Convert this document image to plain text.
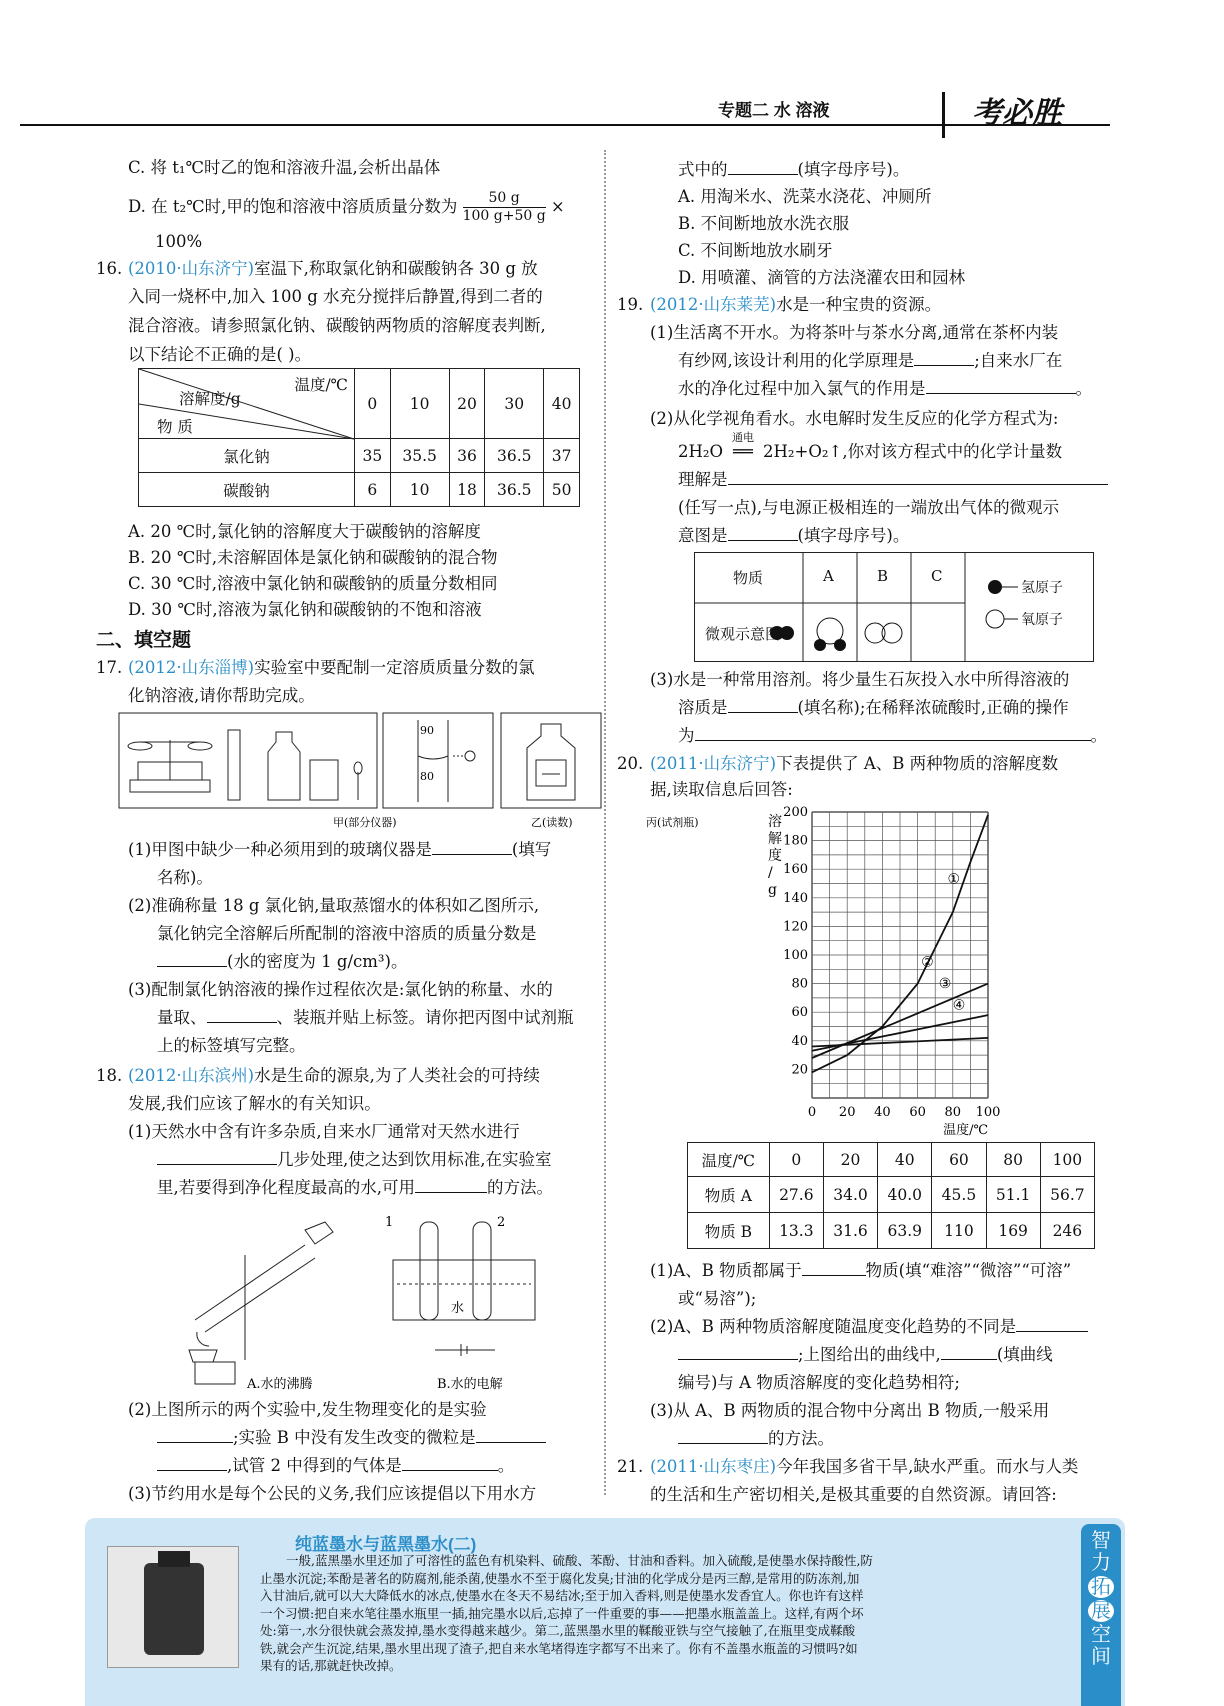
专题二 水 溶液	考必胜
C. 将 t₁℃时乙的饱和溶液升温,会析出晶体
D. 在 t₂℃时,甲的饱和溶液中溶质质量分数为 $\frac{50 g}{100 g+50 g}$ ×
100%
16. (2010·山东济宁)室温下,称取氯化钠和碳酸钠各 30 g 放
入同一烧杯中,加入 100 g 水充分搅拌后静置,得到二者的
混合溶液。请参照氯化钠、碳酸钠两物质的溶解度表判断,
以下结论不正确的是( )。
温度/℃
溶解度/g
物 质	0	10	20	30	40
氯化钠	35	35.5	36	36.5	37
碳酸钠	6	10	18	36.5	50
A. 20 ℃时,氯化钠的溶解度大于碳酸钠的溶解度
B. 20 ℃时,未溶解固体是氯化钠和碳酸钠的混合物
C. 30 ℃时,溶液中氯化钠和碳酸钠的质量分数相同
D. 30 ℃时,溶液为氯化钠和碳酸钠的不饱和溶液
二、填空题
17. (2012·山东淄博)实验室中要配制一定溶质质量分数的氯
化钠溶液,请你帮助完成。
90
80
甲(部分仪器)	乙(读数)	丙(试剂瓶)
(1)甲图中缺少一种必须用到的玻璃仪器是	(填写
名称)。
(2)准确称量 18 g 氯化钠,量取蒸馏水的体积如乙图所示,
氯化钠完全溶解后所配制的溶液中溶质的质量分数是
(水的密度为 1 g/cm³)。
(3)配制氯化钠溶液的操作过程依次是:氯化钠的称量、水的
量取、	、装瓶并贴上标签。请你把丙图中试剂瓶
上的标签填写完整。
18. (2012·山东滨州)水是生命的源泉,为了人类社会的可持续
发展,我们应该了解水的有关知识。
(1)天然水中含有许多杂质,自来水厂通常对天然水进行
几步处理,使之达到饮用标准,在实验室
里,若要得到净化程度最高的水,可用	的方法。
1	2
水
A.水的沸腾	B.水的电解
(2)上图所示的两个实验中,发生物理变化的是实验
;实验 B 中没有发生改变的微粒是
,试管 2 中得到的气体是	。
(3)节约用水是每个公民的义务,我们应该提倡以下用水方
式中的	(填字母序号)。
A. 用淘米水、洗菜水浇花、冲厕所
B. 不间断地放水洗衣服
C. 不间断地放水刷牙
D. 用喷灌、滴管的方法浇灌农田和园林
19. (2012·山东莱芜)水是一种宝贵的资源。
(1)生活离不开水。为将茶叶与茶水分离,通常在茶杯内装
有纱网,该设计利用的化学原理是	;自来水厂在
水的净化过程中加入氯气的作用是	。
(2)从化学视角看水。水电解时发生反应的化学方程式为:
2H₂O
通电
══ 2H₂+O₂↑,你对该方程式中的化学计量数
理解是
(任写一点),与电源正极相连的一端放出气体的微观示
意图是	(填字母序号)。
物质	A	B	C
微观示意图
氢原子
氧原子
(3)水是一种常用溶剂。将少量生石灰投入水中所得溶液的
溶质是	(填名称);在稀释浓硫酸时,正确的操作
为	。
20. (2011·山东济宁)下表提供了 A、B 两种物质的溶解度数
据,读取信息后回答:
0 20 40 60 80 100
20
40
60
80
100
120
140
160
180
200
溶
解
度
/
g
温度/℃
①
②
③
④
温度/℃	0	20	40	60	80	100
物质 A	27.6	34.0	40.0	45.5	51.1	56.7
物质 B	13.3	31.6	63.9	110	169	246
(1)A、B 物质都属于	物质(填“难溶”“微溶”“可溶”
或“易溶”);
(2)A、B 两种物质溶解度随温度变化趋势的不同是
;上图给出的曲线中,	(填曲线
编号)与 A 物质溶解度的变化趋势相符;
(3)从 A、B 两物质的混合物中分离出 B 物质,一般采用
的方法。
21. (2011·山东枣庄)今年我国多省干旱,缺水严重。而水与人类
的生活和生产密切相关,是极其重要的自然资源。请回答:
纯蓝墨水与蓝黑墨水(二)
一般,蓝黑墨水里还加了可溶性的蓝色有机染料、硫酸、苯酚、甘油和香料。加入硫酸,是使墨水保持酸性,防
止墨水沉淀;苯酚是著名的防腐剂,能杀菌,使墨水不至于腐化发臭;甘油的化学成分是丙三醇,是常用的防冻剂,加
入甘油后,就可以大大降低水的冰点,使墨水在冬天不易结冰;至于加入香料,则是使墨水发香宜人。你也许有这样
一个习惯:把自来水笔往墨水瓶里一插,抽完墨水以后,忘掉了一件重要的事——把墨水瓶盖盖上。这样,有两个坏
处:第一,水分很快就会蒸发掉,墨水变得越来越少。第二,蓝黑墨水里的鞣酸亚铁与空气接触了,在瓶里变成鞣酸
铁,就会产生沉淀,结果,墨水里出现了渣子,把自来水笔堵得连字都写不出来了。你有不盖墨水瓶盖的习惯吗?如
果有的话,那就赶快改掉。
智
力
拓
展
空
间
